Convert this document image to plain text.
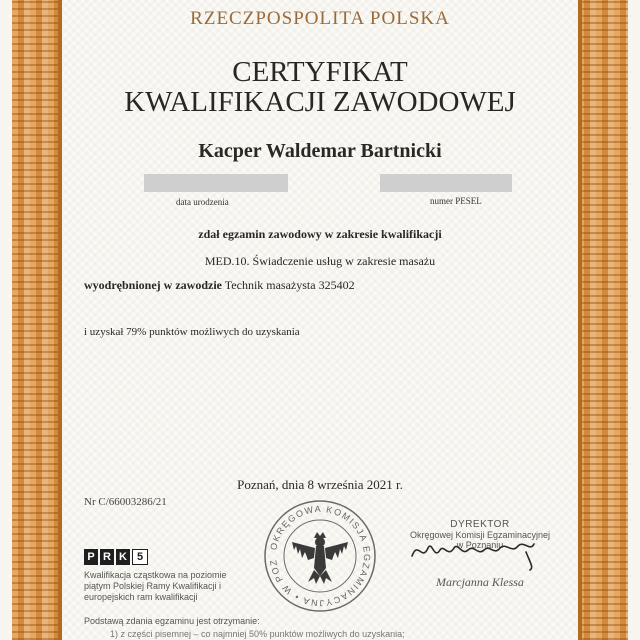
RZECZPOSPOLITA POLSKA
CERTYFIKAT
KWALIFIKACJI ZAWODOWEJ
Kacper Waldemar Bartnicki
data urodzenia	numer PESEL
zdał egzamin zawodowy w zakresie kwalifikacji
MED.10. Świadczenie usług w zakresie masażu
wyodrębnionej w zawodzie Technik masażysta 325402
i uzyskał 79% punktów możliwych do uzyskania
Poznań, dnia 8 września 2021 r.
Nr C/66003286/21
P R K 5
Kwalifikacja cząstkowa na poziomie piątym Polskiej Ramy Kwalifikacji i europejskich ram kwalifikacji
OKRĘGOWA KOMISJA EGZAMINACYJNA • W POZ
DYREKTOR
Okręgowej Komisji Egzaminacyjnej
w Poznaniu
Marcjanna Klessa
Podstawą zdania egzaminu jest otrzymanie:
1) z części pisemnej – co najmniej 50% punktów możliwych do uzyskania;
